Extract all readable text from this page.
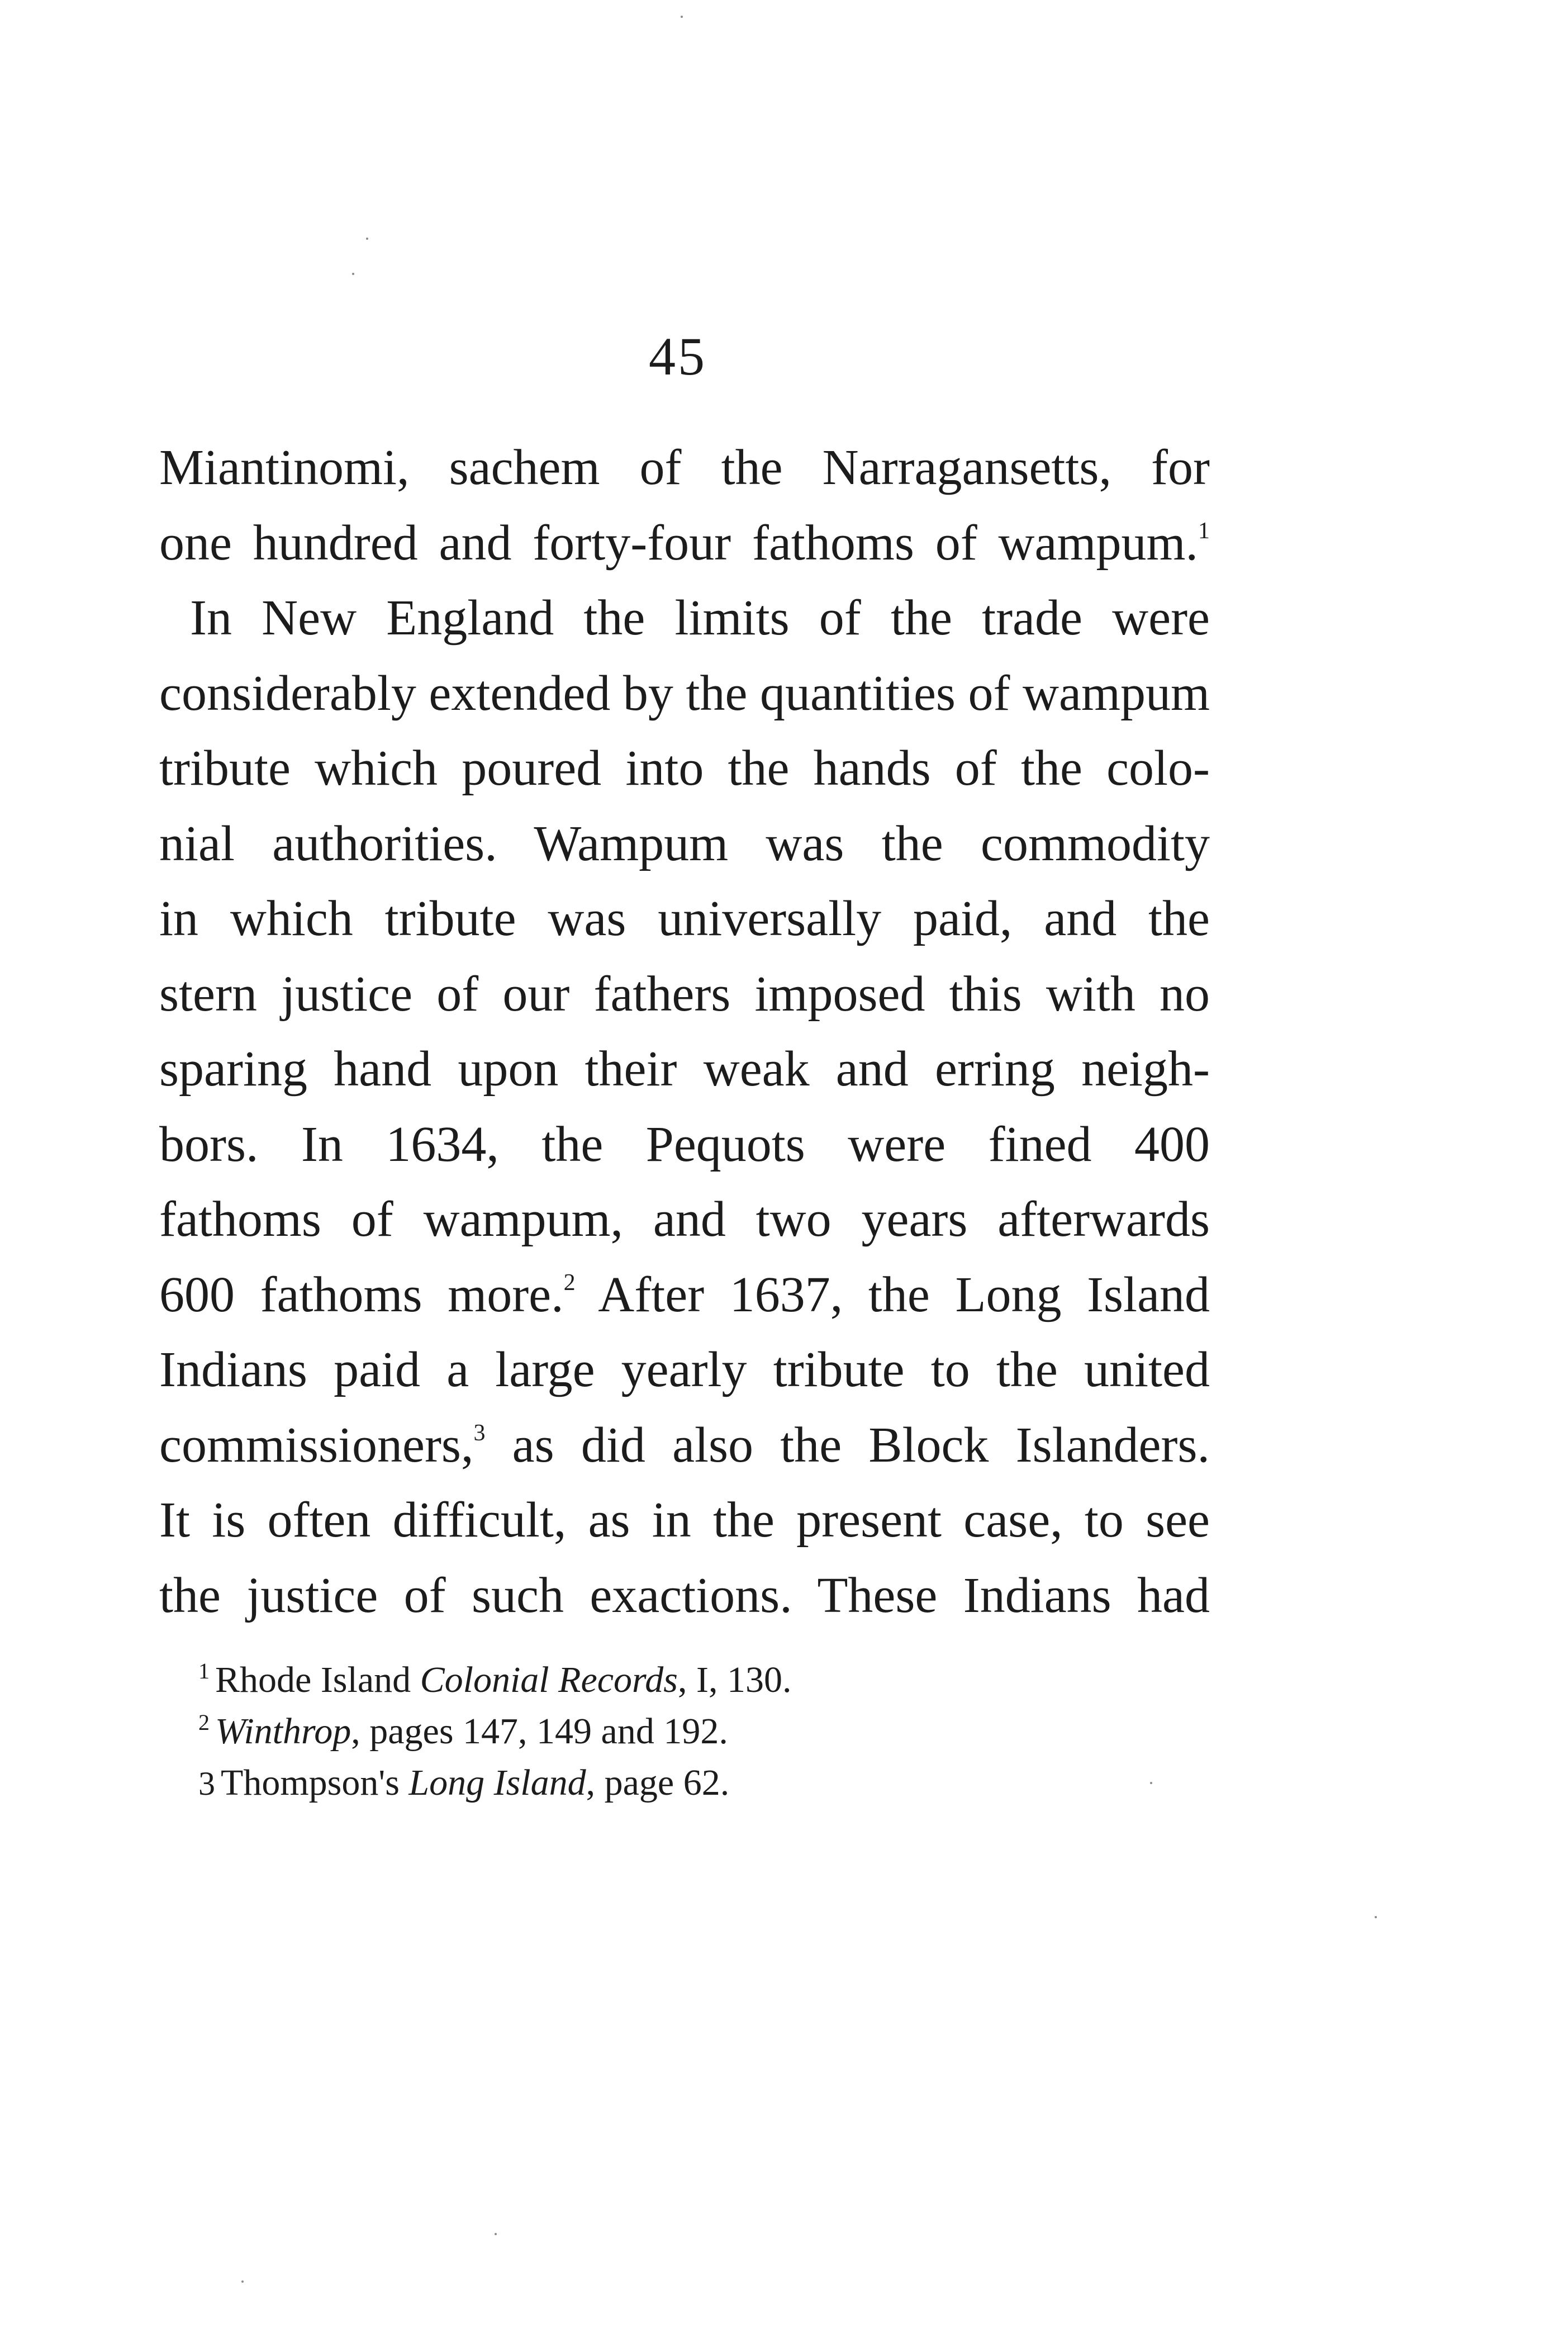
45
Miantinomi, sachem of the Narragansetts, for
one hundred and forty-four fathoms of wampum.$^1$
In New England the limits of the trade were
considerably extended by the quantities of wampum
tribute which poured into the hands of the colo-
nial authorities. Wampum was the commodity
in which tribute was universally paid, and the
stern justice of our fathers imposed this with no
sparing hand upon their weak and erring neigh-
bors. In 1634, the Pequots were fined 400
fathoms of wampum, and two years afterwards
600 fathoms more.$^2$ After 1637, the Long Island
Indians paid a large yearly tribute to the united
commissioners,$^3$ as did also the Block Islanders.
It is often difficult, as in the present case, to see
the justice of such exactions. These Indians had
$^1$ Rhode Island Colonial Records, I, 130.
$^2$ Winthrop, pages 147, 149 and 192.
3 Thompson's Long Island, page 62.
